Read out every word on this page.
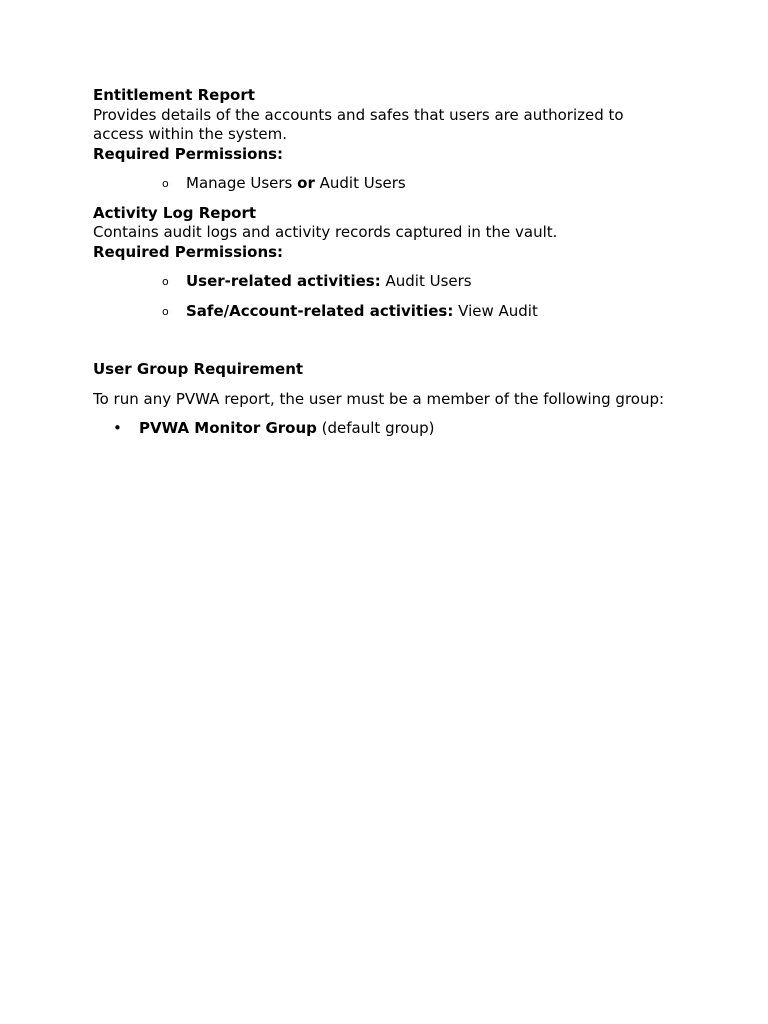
Entitlement Report

Provides details of the accounts and safes that users are authorized to access within the system.

Required Permissions:

o Manage Users or Audit Users

Activity Log Report

Contains audit logs and activity records captured in the vault.

Required Permissions:

o User-related activities: Audit Users
o Safe/Account-related activities: View Audit

User Group Requirement

To run any PVWA report, the user must be a member of the following group:

• PVWA Monitor Group (default group)
